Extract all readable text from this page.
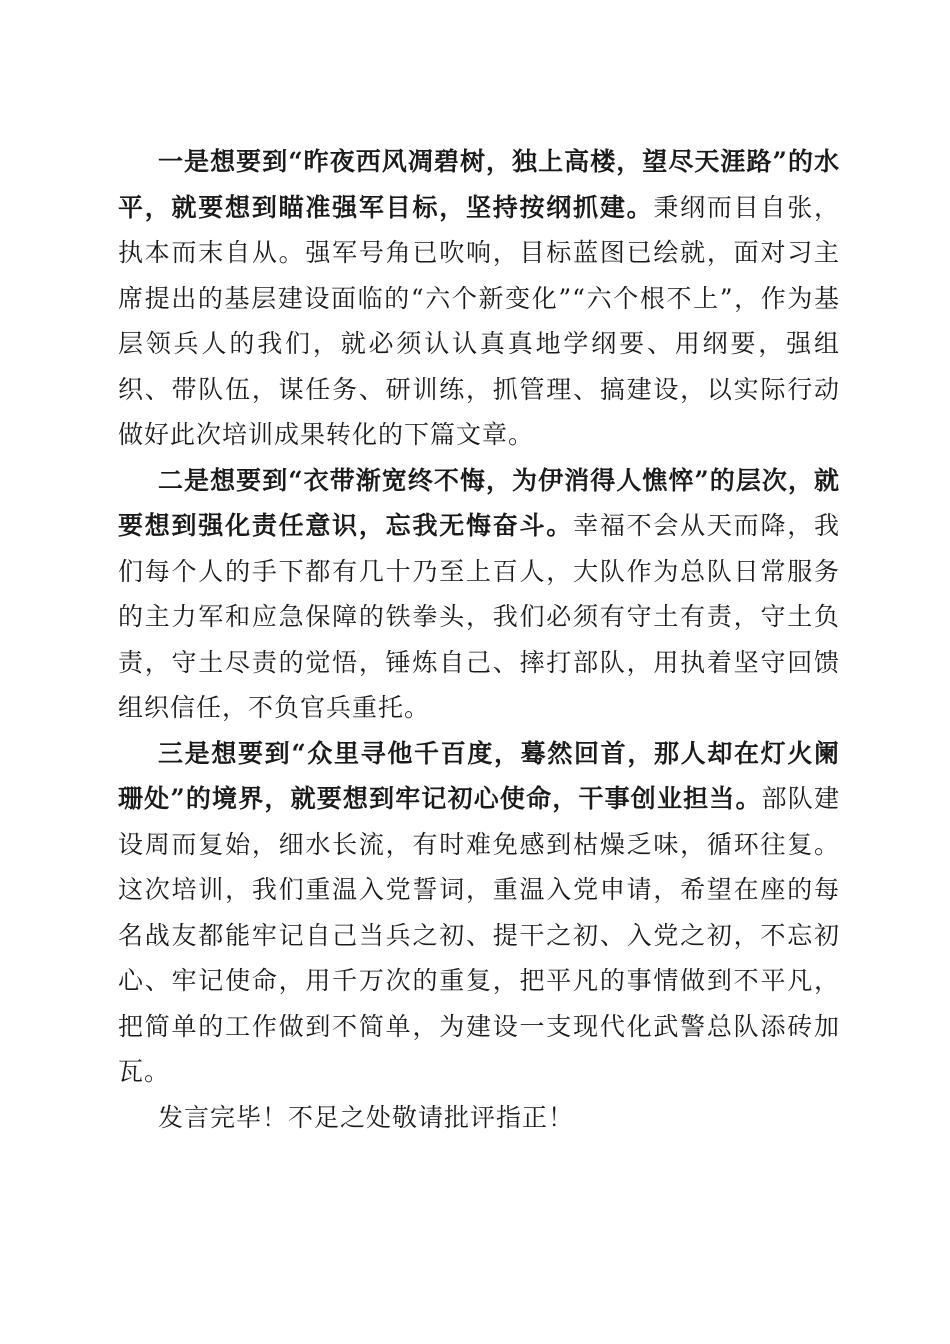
一是想要到“昨夜西风凋碧树，独上高楼，望尽天涯路”的水平，就要想到瞄准强军目标，坚持按纲抓建。秉纲而目自张，执本而末自从。强军号角已吹响，目标蓝图已绘就，面对习主席提出的基层建设面临的“六个新变化”“六个根不上”，作为基层领兵人的我们，就必须认认真真地学纲要、用纲要，强组织、带队伍，谋任务、研训练，抓管理、搞建设，以实际行动做好此次培训成果转化的下篇文章。

二是想要到“衣带渐宽终不悔，为伊消得人憔悴”的层次，就要想到强化责任意识，忘我无悔奋斗。幸福不会从天而降，我们每个人的手下都有几十乃至上百人，大队作为总队日常服务的主力军和应急保障的铁拳头，我们必须有守土有责，守土负责，守土尽责的觉悟，锤炼自己、摔打部队，用执着坚守回馈组织信任，不负官兵重托。

三是想要到“众里寻他千百度，蓦然回首，那人却在灯火阑珊处”的境界，就要想到牢记初心使命，干事创业担当。部队建设周而复始，细水长流，有时难免感到枯燥乏味，循环往复。这次培训，我们重温入党誓词，重温入党申请，希望在座的每名战友都能牢记自己当兵之初、提干之初、入党之初，不忘初心、牢记使命，用千万次的重复，把平凡的事情做到不平凡，把简单的工作做到不简单，为建设一支现代化武警总队添砖加瓦。

发言完毕！不足之处敬请批评指正！
